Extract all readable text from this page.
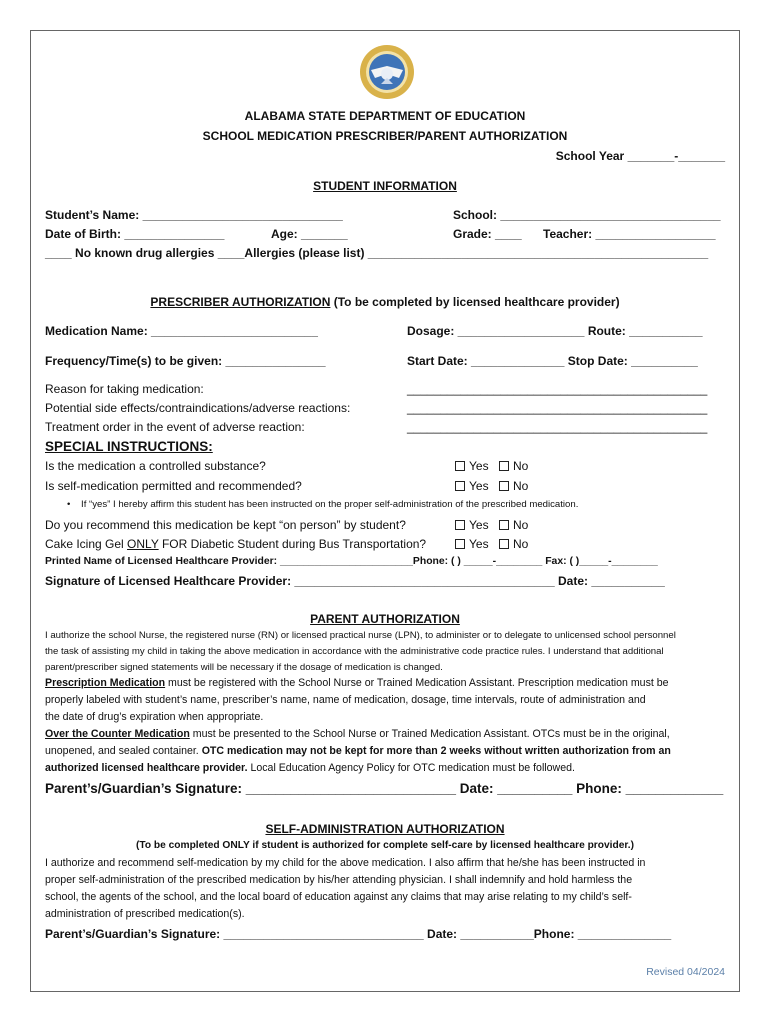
ALABAMA STATE DEPARTMENT OF EDUCATION
SCHOOL MEDICATION PRESCRIBER/PARENT AUTHORIZATION
School Year _______-_______
STUDENT INFORMATION
Student’s Name: ______________________________	School: _________________________________
Date of Birth: _______________	Age: _______	Grade: ____ Teacher: __________________
____ No known drug allergies ____Allergies (please list) ___________________________________________________
PRESCRIBER AUTHORIZATION (To be completed by licensed healthcare provider)
Medication Name: _________________________	Dosage: ___________________ Route: ___________
Frequency/Time(s) to be given: _______________	Start Date: ______________ Stop Date: __________
Reason for taking medication:	_____________________________________________
Potential side effects/contraindications/adverse reactions:	_____________________________________________
Treatment order in the event of adverse reaction:	_____________________________________________
SPECIAL INSTRUCTIONS:
Is the medication a controlled substance?	Yes	No
Is self-medication permitted and recommended?	Yes	No
•    If “yes” I hereby affirm this student has been instructed on the proper self-administration of the prescribed medication.
Do you recommend this medication be kept “on person” by student?	Yes	No
Cake Icing Gel ONLY FOR Diabetic Student during Bus Transportation?	Yes	No
Printed Name of Licensed Healthcare Provider: _______________________Phone: ( ) _____-________ Fax: ( )_____-________
Signature of Licensed Healthcare Provider: _______________________________________ Date: ___________
PARENT AUTHORIZATION
I authorize the school Nurse, the registered nurse (RN) or licensed practical nurse (LPN), to administer or to delegate to unlicensed school personnel
the task of assisting my child in taking the above medication in accordance with the administrative code practice rules. I understand that additional
parent/prescriber signed statements will be necessary if the dosage of medication is changed.
Prescription Medication must be registered with the School Nurse or Trained Medication Assistant. Prescription medication must be
properly labeled with student’s name, prescriber’s name, name of medication, dosage, time intervals, route of administration and
the date of drug’s expiration when appropriate.
Over the Counter Medication must be presented to the School Nurse or Trained Medication Assistant. OTCs must be in the original,
unopened, and sealed container. OTC medication may not be kept for more than 2 weeks without written authorization from an
authorized licensed healthcare provider. Local Education Agency Policy for OTC medication must be followed.
Parent’s/Guardian’s Signature: ____________________________ Date: __________ Phone: _____________
SELF-ADMINISTRATION AUTHORIZATION
(To be completed ONLY if student is authorized for complete self-care by licensed healthcare provider.)
I authorize and recommend self-medication by my child for the above medication. I also affirm that he/she has been instructed in
proper self-administration of the prescribed medication by his/her attending physician. I shall indemnify and hold harmless the
school, the agents of the school, and the local board of education against any claims that may arise relating to my child’s self-
administration of prescribed medication(s).
Parent’s/Guardian’s Signature: ______________________________ Date: ___________Phone: ______________
Revised 04/2024
